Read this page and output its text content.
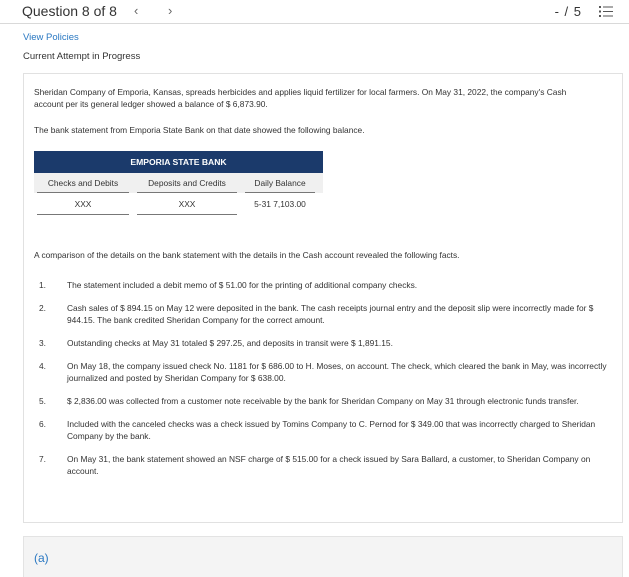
Question 8 of 8 ‹ ›	- / 5
View Policies
Current Attempt in Progress

Sheridan Company of Emporia, Kansas, spreads herbicides and applies liquid fertilizer for local farmers. On May 31, 2022, the company's Cash account per its general ledger showed a balance of $ 6,873.90.

The bank statement from Emporia State Bank on that date showed the following balance.

EMPORIA STATE BANK
Checks and Debits	Deposits and Credits	Daily Balance
XXX	XXX	5-31 7,103.00

A comparison of the details on the bank statement with the details in the Cash account revealed the following facts.

1.	The statement included a debit memo of $ 51.00 for the printing of additional company checks.
2.	Cash sales of $ 894.15 on May 12 were deposited in the bank. The cash receipts journal entry and the deposit slip were incorrectly made for $ 944.15. The bank credited Sheridan Company for the correct amount.
3.	Outstanding checks at May 31 totaled $ 297.25, and deposits in transit were $ 1,891.15.
4.	On May 18, the company issued check No. 1181 for $ 686.00 to H. Moses, on account. The check, which cleared the bank in May, was incorrectly journalized and posted by Sheridan Company for $ 638.00.
5.	$ 2,836.00 was collected from a customer note receivable by the bank for Sheridan Company on May 31 through electronic funds transfer.
6.	Included with the canceled checks was a check issued by Tomins Company to C. Pernod for $ 349.00 that was incorrectly charged to Sheridan Company by the bank.
7.	On May 31, the bank statement showed an NSF charge of $ 515.00 for a check issued by Sara Ballard, a customer, to Sheridan Company on account.
(a)
